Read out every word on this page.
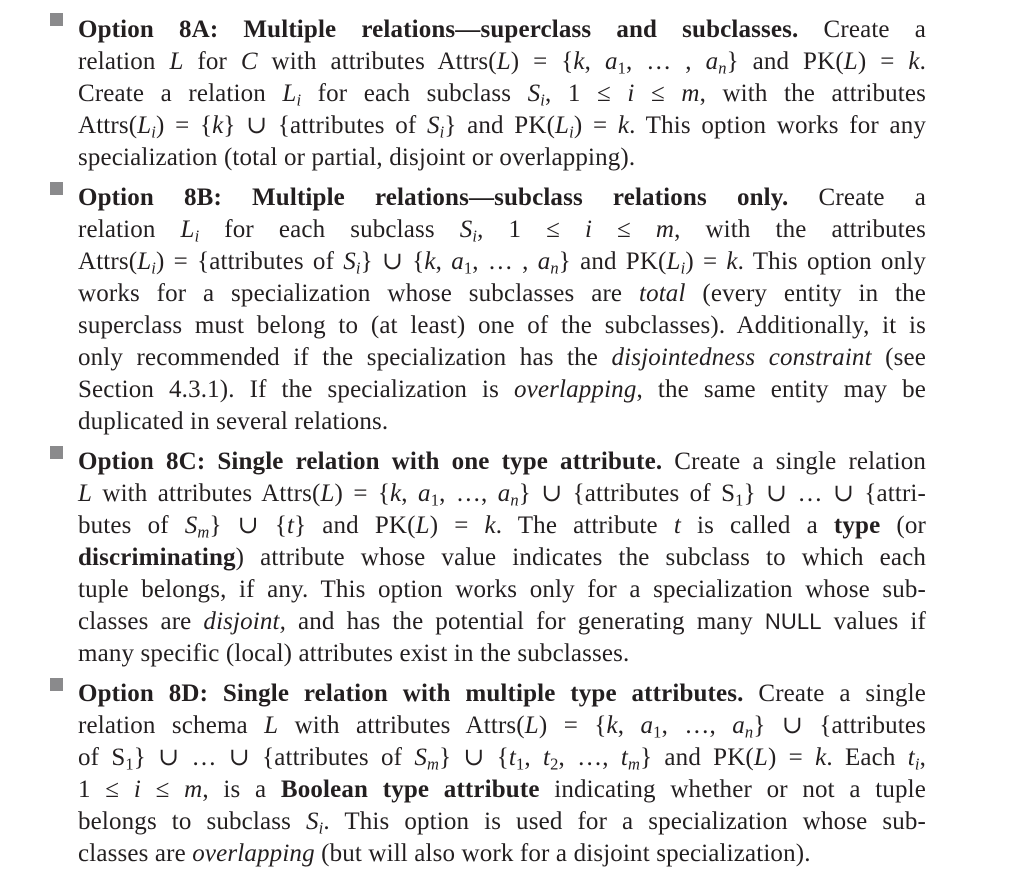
Option 8A: Multiple relations—superclass and subclasses. Create a
relation L for C with attributes Attrs(L) = {k, $a_1$, … , $a_n$} and PK(L) = k.
Create a relation $L_i$ for each subclass $S_i$, 1 ≤ i ≤ m, with the attributes
$Attrs(L_i) = \{k\}$ ∪ {attributes of $S_i$} and $PK(L_i) = k$. This option works for any
specialization (total or partial, disjoint or overlapping).
Option 8B: Multiple relations—subclass relations only. Create a
relation $L_i$ for each subclass $S_i$, 1 ≤ i ≤ m, with the attributes
$Attrs(L_i)$ = {attributes of $S_i$} ∪ {k, $a_1$, … , $a_n$} and $PK(L_i) = k$. This option only
works for a specialization whose subclasses are total (every entity in the
superclass must belong to (at least) one of the subclasses). Additionally, it is
only recommended if the specialization has the disjointedness constraint (see
Section 4.3.1). If the specialization is overlapping, the same entity may be
duplicated in several relations.
Option 8C: Single relation with one type attribute. Create a single relation
L with attributes Attrs(L) = {k, $a_1$, …, $a_n$} ∪ {attributes of $S_1$} ∪ … ∪ {attri-
butes of $S_m$} ∪ {t} and PK(L) = k. The attribute t is called a type (or
discriminating) attribute whose value indicates the subclass to which each
tuple belongs, if any. This option works only for a specialization whose sub-
classes are disjoint, and has the potential for generating many NULL values if
many specific (local) attributes exist in the subclasses.
Option 8D: Single relation with multiple type attributes. Create a single
relation schema L with attributes Attrs(L) = {k, $a_1$, …, $a_n$} ∪ {attributes
of $S_1$} ∪ … ∪ {attributes of $S_m$} ∪ {$t_1$, $t_2$, …, $t_m$} and PK(L) = k. Each $t_i$,
1 ≤ i ≤ m, is a Boolean type attribute indicating whether or not a tuple
belongs to subclass $S_i$. This option is used for a specialization whose sub-
classes are overlapping (but will also work for a disjoint specialization).
